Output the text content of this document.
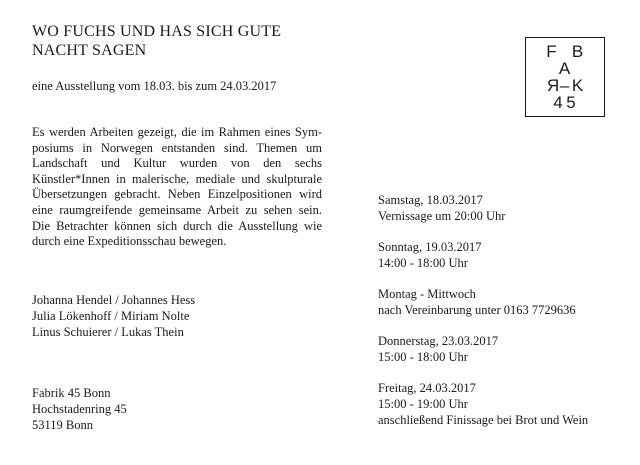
WO FUCHS UND HAS SICH GUTE
NACHT SAGEN
eine Ausstellung vom 18.03. bis zum 24.03.2017
Es werden Arbeiten gezeigt, die im Rahmen eines Sym-
posiums in Norwegen entstanden sind. Themen um
Landschaft und Kultur wurden von den sechs
Künstler*Innen in malerische, mediale und skulpturale
Übersetzungen gebracht. Neben Einzelpositionen wird
eine raumgreifende gemeinsame Arbeit zu sehen sein.
Die Betrachter können sich durch die Ausstellung wie
durch eine Expeditionsschau bewegen.
Johanna Hendel / Johannes Hess
Julia Lökenhoff / Miriam Nolte
Linus Schuierer / Lukas Thein
Fabrik 45 Bonn
Hochstadenring 45
53119 Bonn
Samstag, 18.03.2017
Vernissage um 20:00 Uhr
Sonntag, 19.03.2017
14:00 - 18:00 Uhr
Montag - Mittwoch
nach Vereinbarung unter 0163 7729636
Donnerstag, 23.03.2017
15:00 - 18:00 Uhr
Freitag, 24.03.2017
15:00 - 19:00 Uhr
anschließend Finissage bei Brot und Wein
F B
A
R – K
4 5
